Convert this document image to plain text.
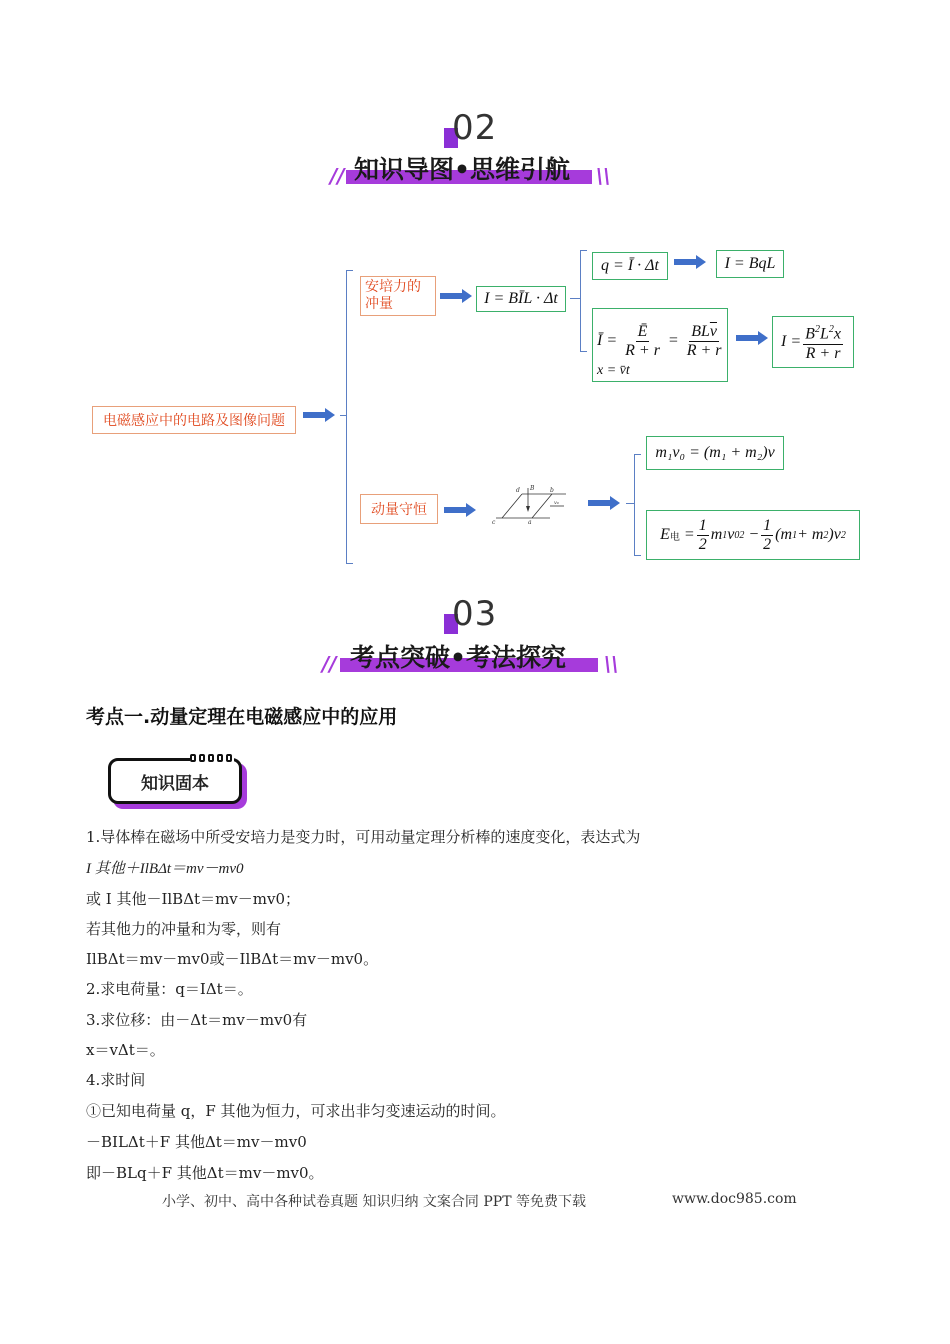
02
知识导图•思维引航
//	\\
电磁感应中的电路及图像问题
安培力的冲量	I = BĪL · Δt
q = Ī · Δt	I = BqL
Ī = $\frac{Ē}{R + r} = \frac{BL\overline{v}}{R + r}$
x = v̄t
$I = \frac{B^2L^2x}{R + r}$
动量守恒
d B	b
c	a
v₀
m₁v₀ = (m₁ + m₂)v
E 电 = $\frac{1}{2}$ m 1 v 0 $2 - \frac{1}{2} (m$ 1 + m 2 )v 2
03
考点突破•考法探究
//	\\
考点一.动量定理在电磁感应中的应用
知识固本
1.导体棒在磁场中所受安培力是变力时，可用动量定理分析棒的速度变化，表达式为
I 其他＋IlBΔt＝mv－mv0
或 I 其他－IlBΔt＝mv－mv0；
若其他力的冲量和为零，则有
IlBΔt＝mv－mv0或－IlBΔt＝mv－mv0。
2.求电荷量：q＝IΔt＝。
3.求位移：由－Δt＝mv－mv0有
x＝vΔt＝。
4.求时间
①已知电荷量 q，F 其他为恒力，可求出非匀变速运动的时间。
－BILΔt＋F 其他Δt＝mv－mv0
即－BLq＋F 其他Δt＝mv－mv0。
小学、初中、高中各种试卷真题 知识归纳 文案合同 PPT 等免费下载	www.doc985.com
